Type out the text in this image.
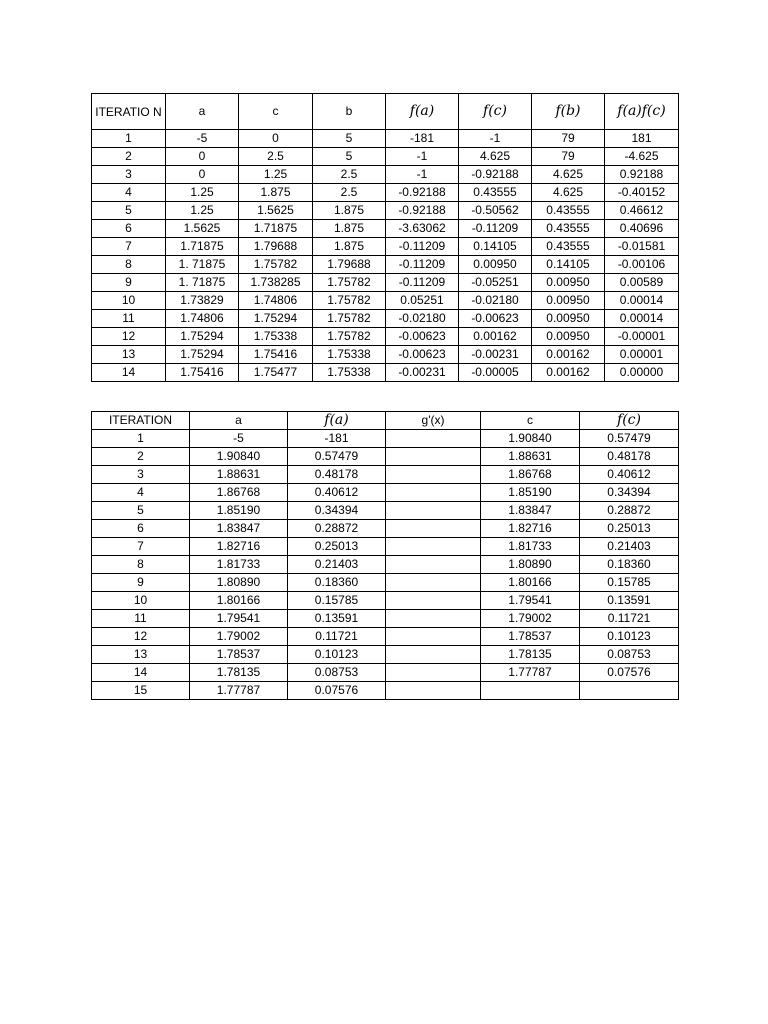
ITERATIO N	a	c	b	f(a)	f(c)	f(b)	f(a)f(c)
1	-5	0	5	-181	-1	79	181
2	0	2.5	5	-1	4.625	79	-4.625
3	0	1.25	2.5	-1	-0.92188	4.625	0.92188
4	1.25	1.875	2.5	-0.92188	0.43555	4.625	-0.40152
5	1.25	1.5625	1.875	-0.92188	-0.50562	0.43555	0.46612
6	1.5625	1.71875	1.875	-3.63062	-0.11209	0.43555	0.40696
7	1.71875	1.79688	1.875	-0.11209	0.14105	0.43555	-0.01581
8	1. 71875	1.75782	1.79688	-0.11209	0.00950	0.14105	-0.00106
9	1. 71875	1.738285	1.75782	-0.11209	-0.05251	0.00950	0.00589
10	1.73829	1.74806	1.75782	0.05251	-0.02180	0.00950	0.00014
11	1.74806	1.75294	1.75782	-0.02180	-0.00623	0.00950	0.00014
12	1.75294	1.75338	1.75782	-0.00623	0.00162	0.00950	-0.00001
13	1.75294	1.75416	1.75338	-0.00623	-0.00231	0.00162	0.00001
14	1.75416	1.75477	1.75338	-0.00231	-0.00005	0.00162	0.00000
ITERATION	a	f(a)	g'(x)	c	f(c)
1	-5	-181		1.90840	0.57479
2	1.90840	0.57479		1.88631	0.48178
3	1.88631	0.48178		1.86768	0.40612
4	1.86768	0.40612		1.85190	0.34394
5	1.85190	0.34394		1.83847	0.28872
6	1.83847	0.28872		1.82716	0.25013
7	1.82716	0.25013		1.81733	0.21403
8	1.81733	0.21403		1.80890	0.18360
9	1.80890	0.18360		1.80166	0.15785
10	1.80166	0.15785		1.79541	0.13591
11	1.79541	0.13591		1.79002	0.11721
12	1.79002	0.11721		1.78537	0.10123
13	1.78537	0.10123		1.78135	0.08753
14	1.78135	0.08753		1.77787	0.07576
15	1.77787	0.07576			
